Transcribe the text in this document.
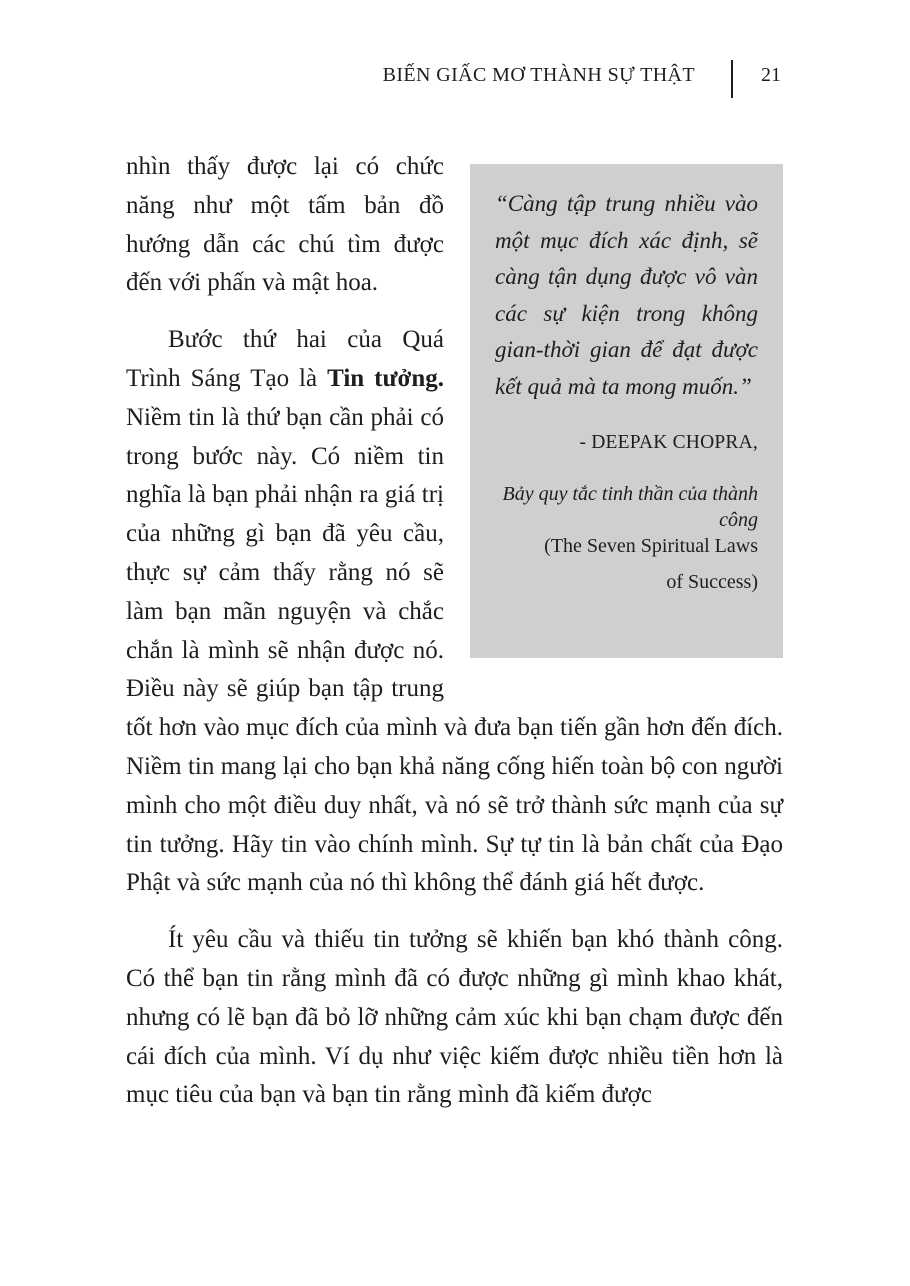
BIẾN GIẤC MƠ THÀNH SỰ THẬT	21

“Càng tập trung nhiều vào một mục đích xác định, sẽ càng tận dụng được vô vàn các sự kiện trong không gian-thời gian để đạt được kết quả mà ta mong muốn.”

- DEEPAK CHOPRA,
Bảy quy tắc tinh thần của thành công
(The Seven Spiritual Laws
of Success)

nhìn thấy được lại có chức năng như một tấm bản đồ hướng dẫn các chú tìm được đến với phấn và mật hoa.

Bước thứ hai của Quá Trình Sáng Tạo là Tin tưởng. Niềm tin là thứ bạn cần phải có trong bước này. Có niềm tin nghĩa là bạn phải nhận ra giá trị của những gì bạn đã yêu cầu, thực sự cảm thấy rằng nó sẽ làm bạn mãn nguyện và chắc chắn là mình sẽ nhận được nó. Điều này sẽ giúp bạn tập trung tốt hơn vào mục đích của mình và đưa bạn tiến gần hơn đến đích. Niềm tin mang lại cho bạn khả năng cống hiến toàn bộ con người mình cho một điều duy nhất, và nó sẽ trở thành sức mạnh của sự tin tưởng. Hãy tin vào chính mình. Sự tự tin là bản chất của Đạo Phật và sức mạnh của nó thì không thể đánh giá hết được.

Ít yêu cầu và thiếu tin tưởng sẽ khiến bạn khó thành công. Có thể bạn tin rằng mình đã có được những gì mình khao khát, nhưng có lẽ bạn đã bỏ lỡ những cảm xúc khi bạn chạm được đến cái đích của mình. Ví dụ như việc kiếm được nhiều tiền hơn là mục tiêu của bạn và bạn tin rằng mình đã kiếm được
